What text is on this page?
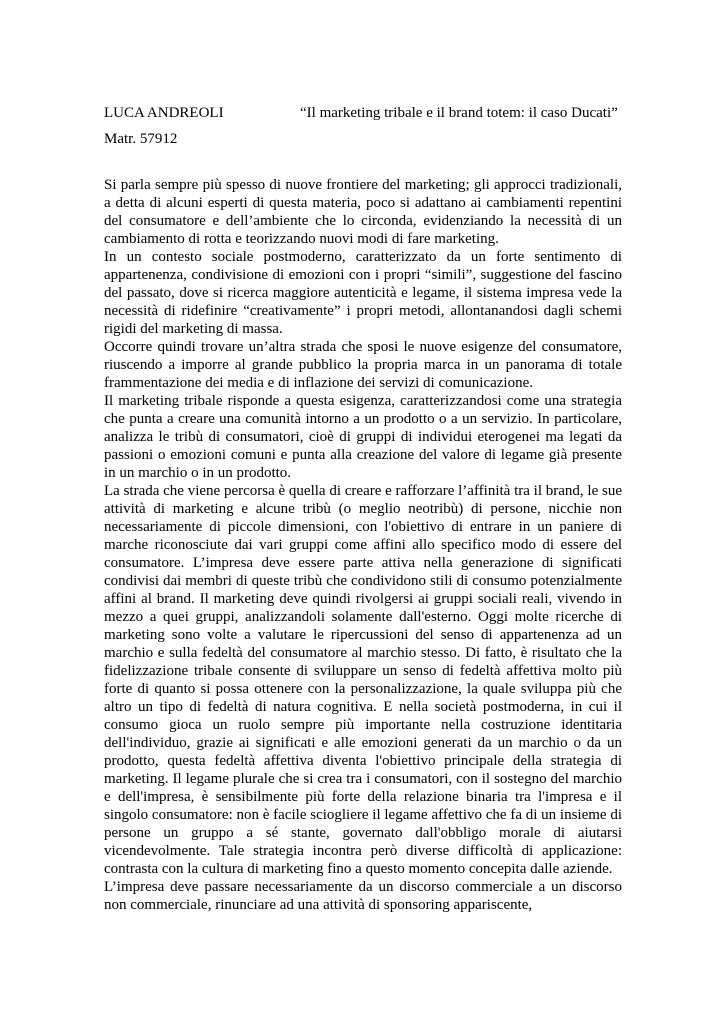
LUCA ANDREOLI	“Il marketing tribale e il brand totem: il caso Ducati”
Matr. 57912

Si parla sempre più spesso di nuove frontiere del marketing; gli approcci tradizionali, a detta di alcuni esperti di questa materia, poco si adattano ai cambiamenti repentini del consumatore e dell’ambiente che lo circonda, evidenziando la necessità di un cambiamento di rotta e teorizzando nuovi modi di fare marketing.

In un contesto sociale postmoderno, caratterizzato da un forte sentimento di appartenenza, condivisione di emozioni con i propri “simili”, suggestione del fascino del passato, dove si ricerca maggiore autenticità e legame, il sistema impresa vede la necessità di ridefinire “creativamente” i propri metodi, allontanandosi dagli schemi rigidi del marketing di massa.

Occorre quindi trovare un’altra strada che sposi le nuove esigenze del consumatore, riuscendo a imporre al grande pubblico la propria marca in un panorama di totale frammentazione dei media e di inflazione dei servizi di comunicazione.

Il marketing tribale risponde a questa esigenza, caratterizzandosi come una strategia che punta a creare una comunità intorno a un prodotto o a un servizio. In particolare, analizza le tribù di consumatori, cioè di gruppi di individui eterogenei ma legati da passioni o emozioni comuni e punta alla creazione del valore di legame già presente in un marchio o in un prodotto.

La strada che viene percorsa è quella di creare e rafforzare l’affinità tra il brand, le sue attività di marketing e alcune tribù (o meglio neotribù) di persone, nicchie non necessariamente di piccole dimensioni, con l'obiettivo di entrare in un paniere di marche riconosciute dai vari gruppi come affini allo specifico modo di essere del consumatore. L’impresa deve essere parte attiva nella generazione di significati condivisi dai membri di queste tribù che condividono stili di consumo potenzialmente affini al brand. Il marketing deve quindi rivolgersi ai gruppi sociali reali, vivendo in mezzo a quei gruppi, analizzandoli solamente dall'esterno. Oggi molte ricerche di marketing sono volte a valutare le ripercussioni del senso di appartenenza ad un marchio e sulla fedeltà del consumatore al marchio stesso. Di fatto, è risultato che la fidelizzazione tribale consente di sviluppare un senso di fedeltà affettiva molto più forte di quanto si possa ottenere con la personalizzazione, la quale sviluppa più che altro un tipo di fedeltà di natura cognitiva. E nella società postmoderna, in cui il consumo gioca un ruolo sempre più importante nella costruzione identitaria dell'individuo, grazie ai significati e alle emozioni generati da un marchio o da un prodotto, questa fedeltà affettiva diventa l'obiettivo principale della strategia di marketing. Il legame plurale che si crea tra i consumatori, con il sostegno del marchio e dell'impresa, è sensibilmente più forte della relazione binaria tra l'impresa e il singolo consumatore: non è facile sciogliere il legame affettivo che fa di un insieme di persone un gruppo a sé stante, governato dall'obbligo morale di aiutarsi vicendevolmente. Tale strategia incontra però diverse difficoltà di applicazione: contrasta con la cultura di marketing fino a questo momento concepita dalle aziende.

L’impresa deve passare necessariamente da un discorso commerciale a un discorso non commerciale, rinunciare ad una attività di sponsoring appariscente,
